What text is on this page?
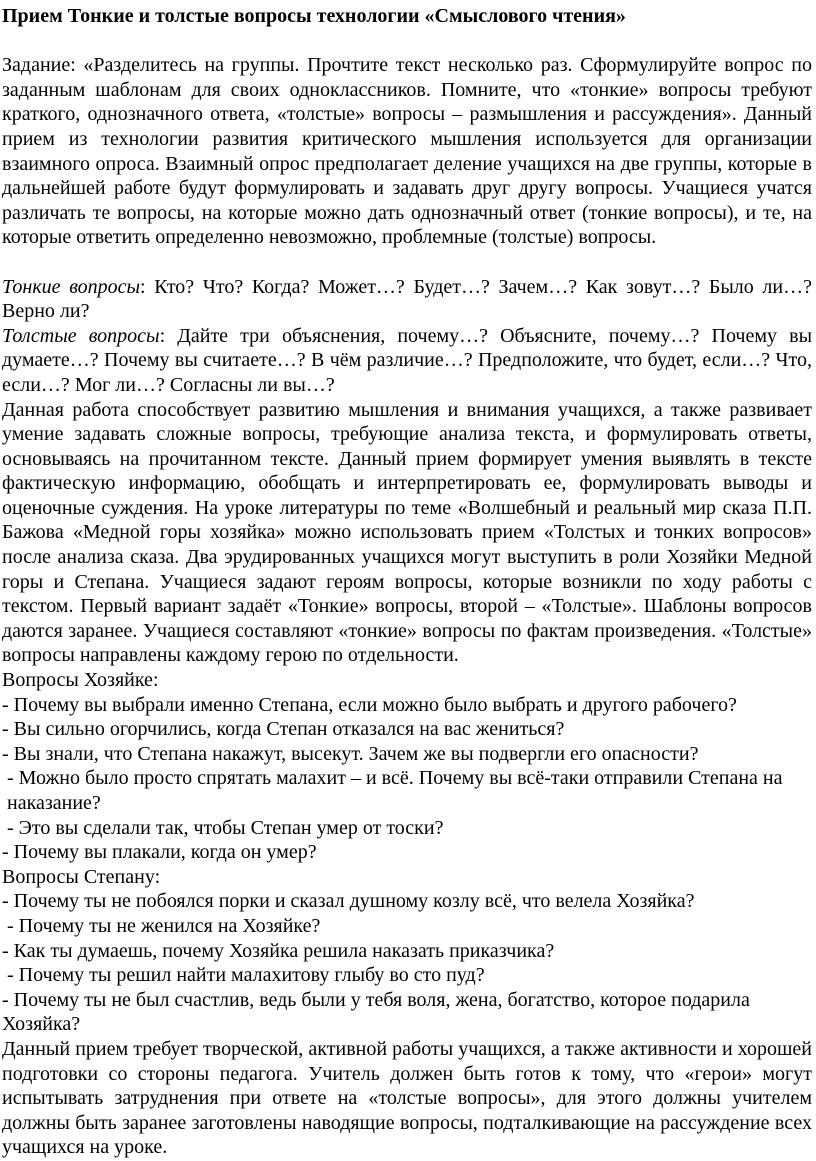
Прием Тонкие и толстые вопросы технологии «Смыслового чтения»

Задание: «Разделитесь на группы. Прочтите текст несколько раз. Сформулируйте вопрос по заданным шаблонам для своих одноклассников. Помните, что «тонкие» вопросы требуют краткого, однозначного ответа, «толстые» вопросы – размышления и рассуждения». Данный прием из технологии развития критического мышления используется для организации взаимного опроса. Взаимный опрос предполагает деление учащихся на две группы, которые в дальнейшей работе будут формулировать и задавать друг другу вопросы. Учащиеся учатся различать те вопросы, на которые можно дать однозначный ответ (тонкие вопросы), и те, на которые ответить определенно невозможно, проблемные (толстые) вопросы.

Тонкие вопросы: Кто? Что? Когда? Может…? Будет…? Зачем…? Как зовут…? Было ли…? Верно ли?

Толстые вопросы: Дайте три объяснения, почему…? Объясните, почему…? Почему вы думаете…? Почему вы считаете…? В чём различие…? Предположите, что будет, если…? Что, если…? Мог ли…? Согласны ли вы…?

Данная работа способствует развитию мышления и внимания учащихся, а также развивает умение задавать сложные вопросы, требующие анализа текста, и формулировать ответы, основываясь на прочитанном тексте. Данный прием формирует умения выявлять в тексте фактическую информацию, обобщать и интерпретировать ее, формулировать выводы и оценочные суждения. На уроке литературы по теме «Волшебный и реальный мир сказа П.П. Бажова «Медной горы хозяйка» можно использовать прием «Толстых и тонких вопросов» после анализа сказа. Два эрудированных учащихся могут выступить в роли Хозяйки Медной горы и Степана. Учащиеся задают героям вопросы, которые возникли по ходу работы с текстом. Первый вариант задаёт «Тонкие» вопросы, второй – «Толстые». Шаблоны вопросов даются заранее. Учащиеся составляют «тонкие» вопросы по фактам произведения. «Толстые» вопросы направлены каждому герою по отдельности.

Вопросы Хозяйке:
- Почему вы выбрали именно Степана, если можно было выбрать и другого рабочего?
- Вы сильно огорчились, когда Степан отказался на вас жениться?
- Вы знали, что Степана накажут, высекут. Зачем же вы подвергли его опасности?
- Можно было просто спрятать малахит – и всё. Почему вы всё-таки отправили Степана на наказание?
- Это вы сделали так, чтобы Степан умер от тоски?
- Почему вы плакали, когда он умер?
Вопросы Степану:
- Почему ты не побоялся порки и сказал душному козлу всё, что велела Хозяйка?
- Почему ты не женился на Хозяйке?
- Как ты думаешь, почему Хозяйка решила наказать приказчика?
- Почему ты решил найти малахитову глыбу во сто пуд?
- Почему ты не был счастлив, ведь были у тебя воля, жена, богатство, которое подарила Хозяйка?

Данный прием требует творческой, активной работы учащихся, а также активности и хорошей подготовки со стороны педагога. Учитель должен быть готов к тому, что «герои» могут испытывать затруднения при ответе на «толстые вопросы», для этого должны учителем должны быть заранее заготовлены наводящие вопросы, подталкивающие на рассуждение всех учащихся на уроке.
